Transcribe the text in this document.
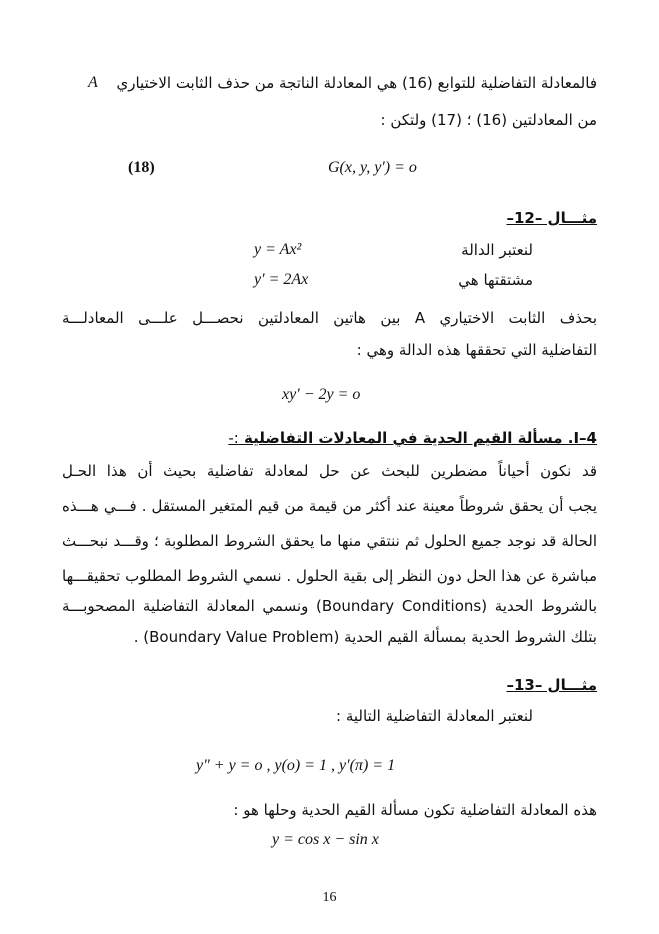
فالمعادلة التفاضلية للتوابع (16) هي المعادلة الناتجة من حذف الثابت الاختياري
A
من المعادلتين (16) ؛ (17) ولتكن :
(18)	G(x, y, y′) = o
مثـــال –12–
لنعتبر الدالة
y = Ax²
مشتقتها هي
y′ = 2Ax
بحذف الثابت الاختياري A بين هاتين المعادلتين نحصـــل علـــى المعادلـــة
التفاضلية التي تحققها هذه الدالة وهي :
xy′ − 2y = o
I–4. مسألة القيم الحدية في المعادلات التفاضلية :-
قد نكون أحياناً مضطرين للبحث عن حل لمعادلة تفاضلية بحيث أن هذا الحـل
يجب أن يحقق شروطاً معينة عند أكثر من قيمة من قيم المتغير المستقل . فـــي هـــذه
الحالة قد نوجد جميع الحلول ثم ننتقي منها ما يحقق الشروط المطلوبة ؛ وقـــد نبحـــث
مباشرة عن هذا الحل دون النظر إلى بقية الحلول . نسمي الشروط المطلوب تحقيقـــها
بالشروط الحدية (Boundary Conditions) ونسمي المعادلة التفاضلية المصحوبـــة
بتلك الشروط الحدية بمسألة القيم الحدية (Boundary Value Problem) .
مثـــال –13–
لنعتبر المعادلة التفاضلية التالية :
y″ + y = o , y(o) = 1 , y′(π) = 1
هذه المعادلة التفاضلية تكون مسألة القيم الحدية وحلها هو :
y = cos x − sin x
16
